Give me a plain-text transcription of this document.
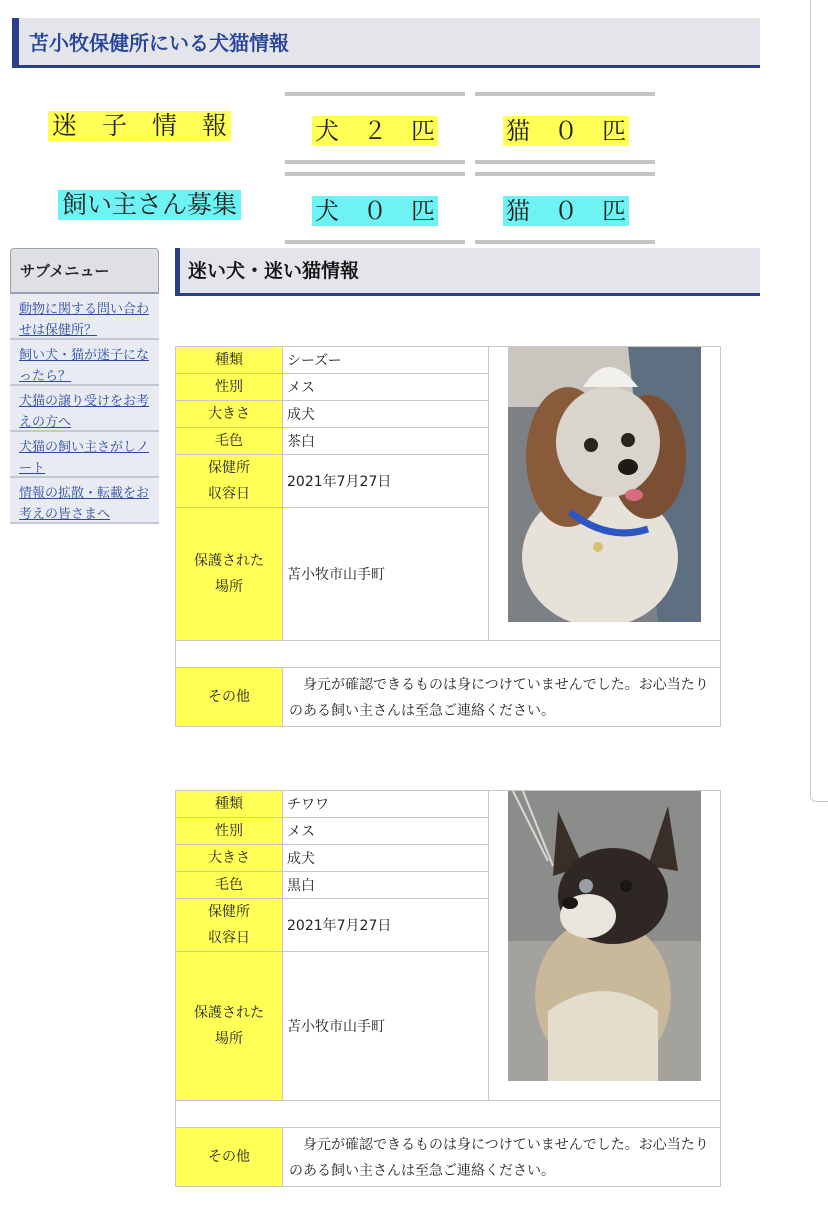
苫小牧保健所にいる犬猫情報
迷　子　情　報	犬　２　匹	猫　０　匹
飼い主さん募集	犬　０　匹	猫　０　匹
サブメニュー
動物に関する問い合わせは保健所？
飼い犬・猫が迷子になったら？
犬猫の譲り受けをお考えの方へ
犬猫の飼い主さがしノート
情報の拡散・転載をお考えの皆さまへ
迷い犬・迷い猫情報
種類	シーズー	

性別	メス	
大きさ	成犬	
毛色	茶白	
保健所
収容日	2021年7月27日	
保護された
場所	苫小牧市山手町	

その他	　身元が確認できるものは身につけていませんでした。お心当たりのある飼い主さんは至急ご連絡ください。	
種類	チワワ	

性別	メス	
大きさ	成犬	
毛色	黒白	
保健所
収容日	2021年7月27日	
保護された
場所	苫小牧市山手町	

その他	　身元が確認できるものは身につけていませんでした。お心当たりのある飼い主さんは至急ご連絡ください。	
